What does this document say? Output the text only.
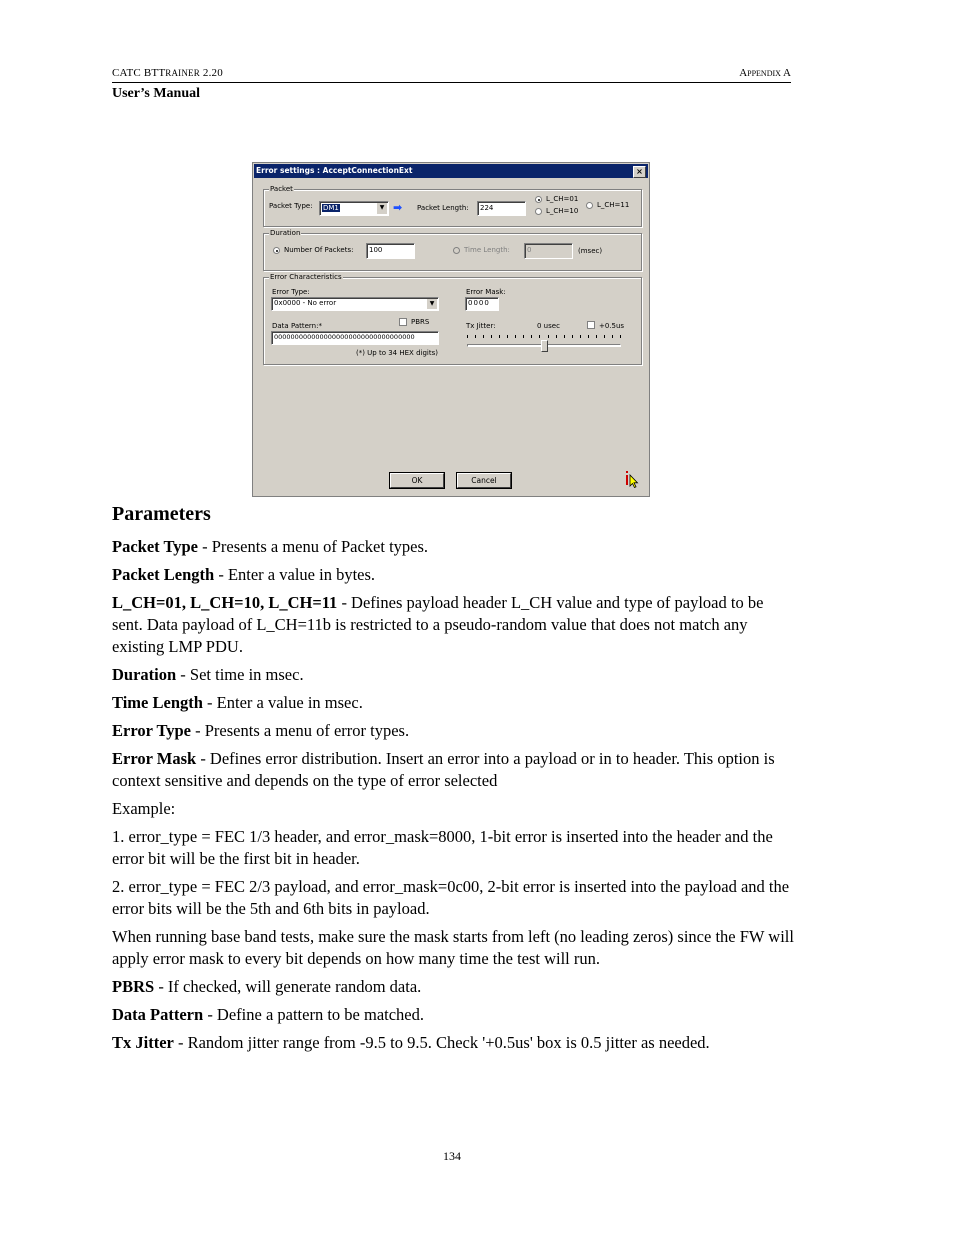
CATC BTTRAINER 2.20	Appendix A
User’s Manual
Error settings : AcceptConnectionExt	×
Packet
Packet Type:	DM1	▼ ➡ Packet Length:	224
L_CH=01
L_CH=10
L_CH=11
Duration
Number Of Packets:	100	Time Length:	0	(msec)
Error Characteristics
Error Type:
0x0000 - No error	▼
Error Mask:
0000
PBRS
Data Pattern:*
0000000000000000000000000000000000
(*) Up to 34 HEX digits)
Tx Jitter:	0 usec	+0.5us
OK	Cancel
Parameters
Packet Type - Presents a menu of Packet types.
Packet Length - Enter a value in bytes.
L_CH=01, L_CH=10, L_CH=11 - Defines payload header L_CH value and type of payload to be sent. Data payload of L_CH=11b is restricted to a pseudo-random value that does not match any existing LMP PDU.
Duration - Set time in msec.
Time Length - Enter a value in msec.
Error Type - Presents a menu of error types.
Error Mask - Defines error distribution. Insert an error into a payload or in to header. This option is context sensitive and depends on the type of error selected
Example:
1. error_type = FEC 1/3 header, and error_mask=8000, 1-bit error is inserted into the header and the error bit will be the first bit in header.
2. error_type = FEC 2/3 payload, and error_mask=0c00, 2-bit error is inserted into the payload and the error bits will be the 5th and 6th bits in payload.
When running base band tests, make sure the mask starts from left (no leading zeros) since the FW will apply error mask to every bit depends on how many time the test will run.
PBRS - If checked, will generate random data.
Data Pattern - Define a pattern to be matched.
Tx Jitter - Random jitter range from -9.5 to 9.5. Check '+0.5us' box is 0.5 jitter as needed.
134
